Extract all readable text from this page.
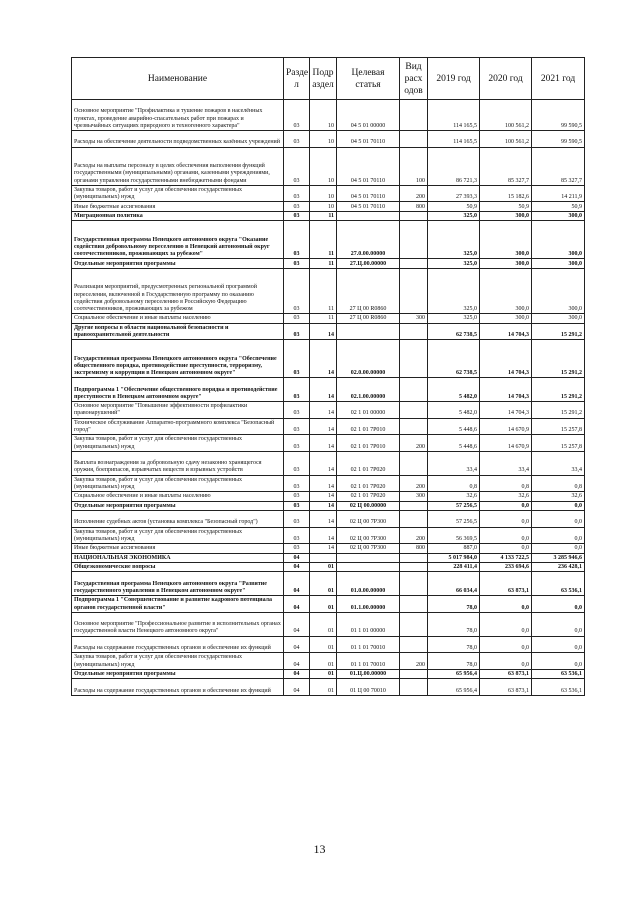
Наименование	Разде л	Подр аздел	Целевая статья	Вид расх одов	2019 год	2020 год	2021 год
Основное мероприятие "Профилактика и тушение пожаров в населённых пунктах, проведение аварийно-спасательных работ при пожарах и чрезвычайных ситуациях природного и техногенного характера"	03	10	04 5 01 00000		114 165,5	100 561,2	99 590,5
Расходы на обеспечение деятельности подведомственных казённых учреждений	03	10	04 5 01 70110		114 165,5	100 561,2	99 590,5
Расходы на выплаты персоналу в целях обеспечения выполнения функций государственными (муниципальными) органами, казенными учреждениями, органами управления государственными внебюджетными фондами	03	10	04 5 01 70110	100	86 721,3	85 327,7	85 327,7
Закупка товаров, работ и услуг для обеспечения государственных (муниципальных) нужд	03	10	04 5 01 70110	200	27 393,3	15 182,6	14 211,9
Иные бюджетные ассигнования	03	10	04 5 01 70110	800	50,9	50,9	50,9
Миграционная политика	03	11			325,0	300,0	300,0
Государственная программа Ненецкого автономного округа "Оказание содействия добровольному переселению в Ненецкий автономный округ соотечественников, проживающих за рубежом"	03	11	27.0.00.00000		325,0	300,0	300,0
Отдельные мероприятия программы	03	11	27.Ц.00.00000		325,0	300,0	300,0
Реализация мероприятий, предусмотренных региональной программой переселения, включенной в Государственную программу по оказанию содействия добровольному переселению в Российскую Федерацию соотечественников, проживающих за рубежом	03	11	27 Ц 00 R0860		325,0	300,0	300,0
Социальное обеспечение и иные выплаты населению	03	11	27 Ц 00 R0860	300	325,0	300,0	300,0
Другие вопросы в области национальной безопасности и правоохранительной деятельности	03	14			62 738,5	14 704,3	15 291,2
Государственная программа Ненецкого автономного округа "Обеспечение общественного порядка, противодействие преступности, терроризму, экстремизму и коррупции в Ненецком автономном округе"	03	14	02.0.00.00000		62 738,5	14 704,3	15 291,2
Подпрограмма 1 "Обеспечение общественного порядка и противодействие преступности в Ненецком автономном округе"	03	14	02.1.00.00000		5 482,0	14 704,3	15 291,2
Основное мероприятие "Повышение эффективности профилактики правонарушений"	03	14	02 1 01 00000		5 482,0	14 704,3	15 291,2
Техническое обслуживание Аппаратно-программного комплекса "Безопасный город"	03	14	02 1 01 7Р010		5 448,6	14 670,9	15 257,8
Закупка товаров, работ и услуг для обеспечения государственных (муниципальных) нужд	03	14	02 1 01 7Р010	200	5 448,6	14 670,9	15 257,8
Выплата вознаграждения за добровольную сдачу незаконно хранящегося оружия, боеприпасов, взрывчатых веществ и взрывных устройств	03	14	02 1 01 7Р020		33,4	33,4	33,4
Закупка товаров, работ и услуг для обеспечения государственных (муниципальных) нужд	03	14	02 1 01 7Р020	200	0,8	0,8	0,8
Социальное обеспечение и иные выплаты населению	03	14	02 1 01 7Р020	300	32,6	32,6	32,6
Отдельные мероприятия программы	03	14	02 Ц 00.00000		57 256,5	0,0	0,0
Исполнение судебных актов (установка комплекса "Безопасный город")	03	14	02 Ц 00 7Р300		57 256,5	0,0	0,0
Закупка товаров, работ и услуг для обеспечения государственных (муниципальных) нужд	03	14	02 Ц 00 7Р300	200	56 369,5	0,0	0,0
Иные бюджетные ассигнования	03	14	02 Ц 00 7Р300	800	887,0	0,0	0,0
НАЦИОНАЛЬНАЯ ЭКОНОМИКА	04				5 017 984,0	4 133 722,5	3 285 946,6
Общеэкономические вопросы	04	01			228 411,4	233 694,6	236 428,1
Государственная программа Ненецкого автономного округа "Развитие государственного управления в Ненецком автономном округе"	04	01	01.0.00.00000		66 034,4	63 873,1	63 536,1
Подпрограмма 1 "Совершенствование и развитие кадрового потенциала органов государственной власти"	04	01	01.1.00.00000		78,0	0,0	0,0
Основное мероприятие "Профессиональное развитие в исполнительных органах государственной власти Ненецкого автономного округа"	04	01	01 1 01 00000		78,0	0,0	0,0
Расходы на содержание государственных органов и обеспечение их функций	04	01	01 1 01 70010		78,0	0,0	0,0
Закупка товаров, работ и услуг для обеспечения государственных (муниципальных) нужд	04	01	01 1 01 70010	200	78,0	0,0	0,0
Отдельные мероприятия программы	04	01	01.Ц.00.00000		65 956,4	63 873,1	63 536,1
Расходы на содержание государственных органов и обеспечение их функций	04	01	01 Ц 00 70010		65 956,4	63 873,1	63 536,1
13
